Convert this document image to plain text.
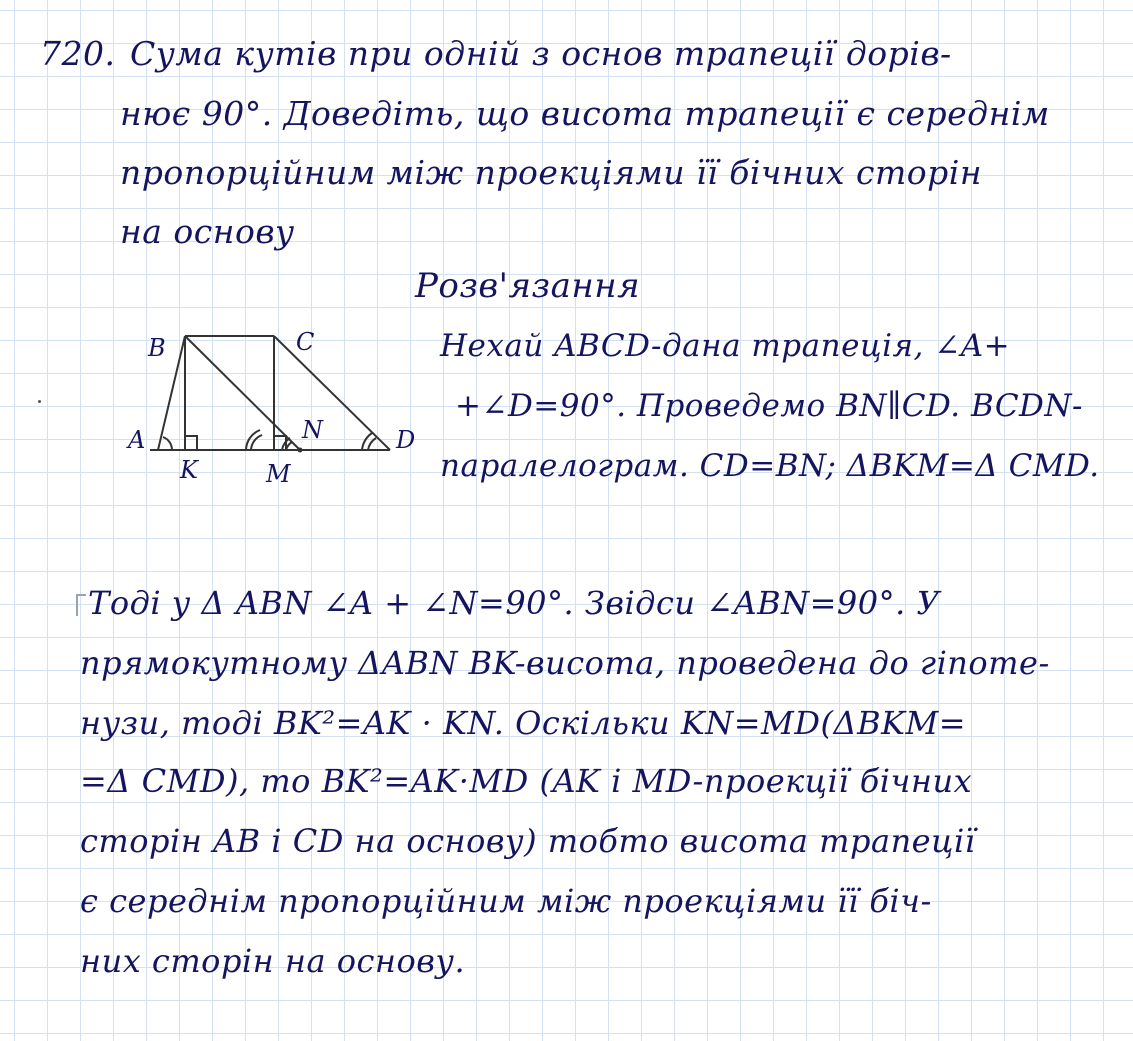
720. Сума кутів при одній з основ трапеції дорів-

нює 90°. Доведіть, що висота трапеції є середнім

пропорційним між проекціями її бічних сторін

на основу

Розв'язання

Нехай ABCD-дана трапеція, ∠A+

+∠D=90°. Проведемо BN∥CD. BCDN-

паралелограм. CD=BN; ΔBKM=Δ CMD.

B	C
A	D
K	M
N

Тоді у Δ ABN ∠A + ∠N=90°. Звідси ∠ABN=90°. У

прямокутному ΔABN BK-висота, проведена до гіпоте-

нузи, тоді BK²=AK · KN. Оскільки KN=MD(ΔBKM=

=Δ CMD), то BK²=AK·MD (AK і MD-проекції бічних

сторін AB і CD на основу) тобто висота трапеції

є середнім пропорційним між проекціями її біч-

них сторін на основу.
